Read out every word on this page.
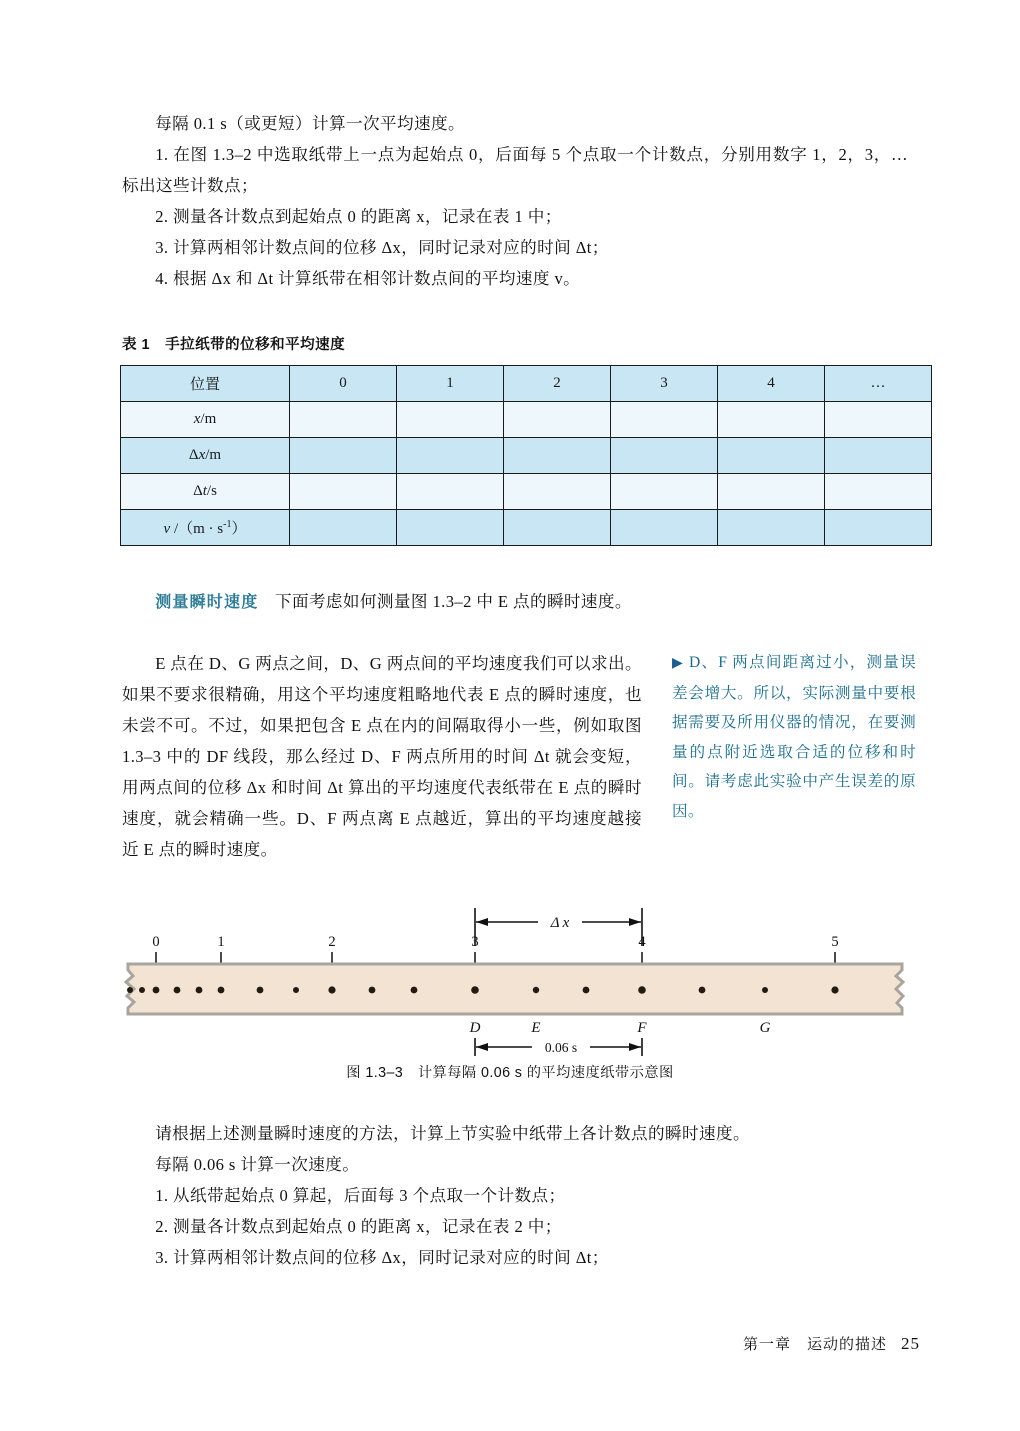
每隔 0.1 s（或更短）计算一次平均速度。
1. 在图 1.3–2 中选取纸带上一点为起始点 0，后面每 5 个点取一个计数点，分别用数字 1，2，3，… 标出这些计数点；
2. 测量各计数点到起始点 0 的距离 x，记录在表 1 中；
3. 计算两相邻计数点间的位移 Δx，同时记录对应的时间 Δt；
4. 根据 Δx 和 Δt 计算纸带在相邻计数点间的平均速度 v。
表 1　手拉纸带的位移和平均速度
位置	0	1	2	3	4	…
x/m						
Δx/m						
Δt/s						
v $/(m \cdot s^{-1})$						
测量瞬时速度 下面考虑如何测量图 1.3–2 中 E 点的瞬时速度。
E 点在 D、G 两点之间，D、G 两点间的平均速度我们可以求出。如果不要求很精确，用这个平均速度粗略地代表 E 点的瞬时速度，也未尝不可。不过，如果把包含 E 点在内的间隔取得小一些，例如取图 1.3–3 中的 DF 线段，那么经过 D、F 两点所用的时间 Δt 就会变短，用两点间的位移 Δx 和时间 Δt 算出的平均速度代表纸带在 E 点的瞬时速度，就会精确一些。D、F 两点离 E 点越近，算出的平均速度越接近 E 点的瞬时速度。
▶ D、F 两点间距离过小，测量误差会增大。所以，实际测量中要根据需要及所用仪器的情况，在要测量的点附近选取合适的位移和时间。请考虑此实验中产生误差的原因。
Δ x
0	1	2	3	4	5
D	E	F	G
0.06 s
图 1.3–3　计算每隔 0.06 s 的平均速度纸带示意图
请根据上述测量瞬时速度的方法，计算上节实验中纸带上各计数点的瞬时速度。
每隔 0.06 s 计算一次速度。
1. 从纸带起始点 0 算起，后面每 3 个点取一个计数点；
2. 测量各计数点到起始点 0 的距离 x，记录在表 2 中；
3. 计算两相邻计数点间的位移 Δx，同时记录对应的时间 Δt；
第一章　运动的描述 25
